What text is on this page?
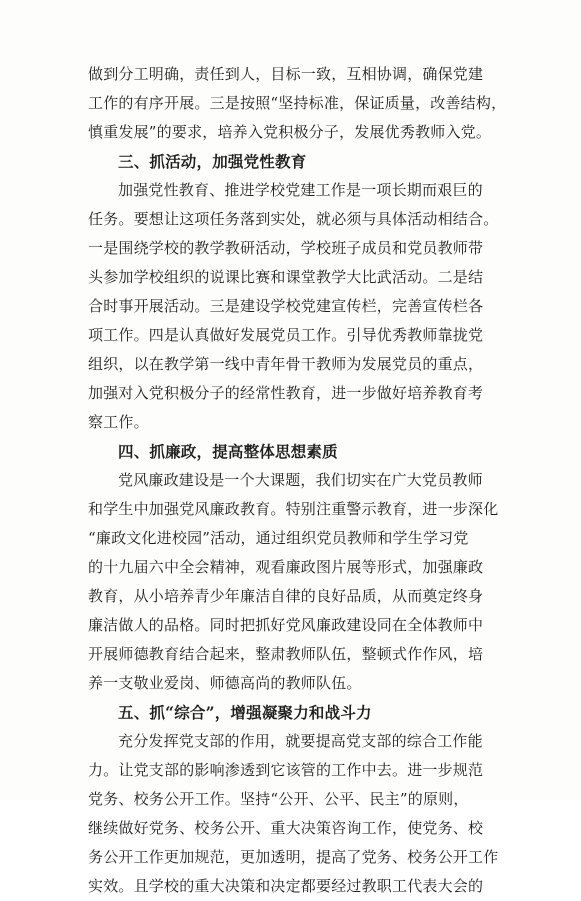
做到分工明确，责任到人，目标一致，互相协调，确保党建
工作的有序开展。三是按照“坚持标准，保证质量，改善结构，
慎重发展”的要求，培养入党积极分子，发展优秀教师入党。
三、抓活动，加强党性教育
加强党性教育、推进学校党建工作是一项长期而艰巨的
任务。要想让这项任务落到实处，就必须与具体活动相结合。
一是围绕学校的教学教研活动，学校班子成员和党员教师带
头参加学校组织的说课比赛和课堂教学大比武活动。二是结
合时事开展活动。三是建设学校党建宣传栏，完善宣传栏各
项工作。四是认真做好发展党员工作。引导优秀教师靠拢党
组织，以在教学第一线中青年骨干教师为发展党员的重点，
加强对入党积极分子的经常性教育，进一步做好培养教育考
察工作。
四、抓廉政，提高整体思想素质
党风廉政建设是一个大课题，我们切实在广大党员教师
和学生中加强党风廉政教育。特别注重警示教育，进一步深化
“廉政文化进校园”活动，通过组织党员教师和学生学习党
的十九届六中全会精神，观看廉政图片展等形式，加强廉政
教育，从小培养青少年廉洁自律的良好品质，从而奠定终身
廉洁做人的品格。同时把抓好党风廉政建设同在全体教师中
开展师德教育结合起来，整肃教师队伍，整顿式作作风，培
养一支敬业爱岗、师德高尚的教师队伍。
五、抓“综合”，增强凝聚力和战斗力
充分发挥党支部的作用，就要提高党支部的综合工作能
力。让党支部的影响渗透到它该管的工作中去。进一步规范
党务、校务公开工作。坚持“公开、公平、民主”的原则，
继续做好党务、校务公开、重大决策咨询工作，使党务、校
务公开工作更加规范，更加透明，提高了党务、校务公开工作
实效。且学校的重大决策和决定都要经过教职工代表大会的
